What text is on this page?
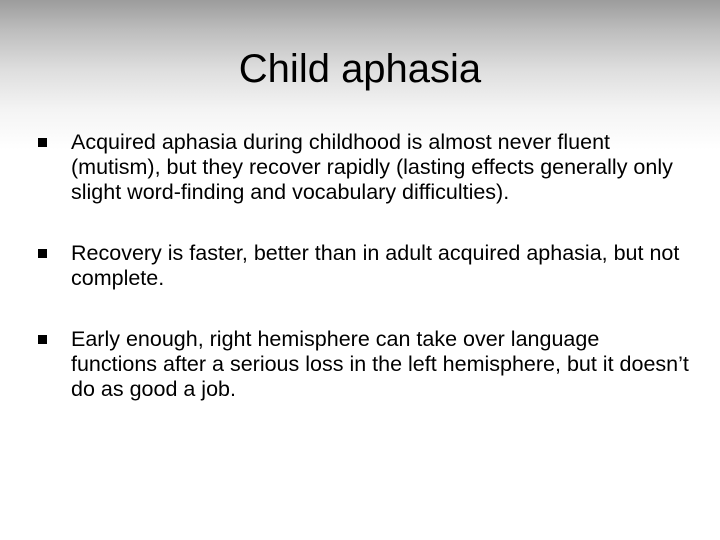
Child aphasia
Acquired aphasia during childhood is almost never fluent (mutism), but they recover rapidly (lasting effects generally only slight word-finding and vocabulary difficulties).
Recovery is faster, better than in adult acquired aphasia, but not complete.
Early enough, right hemisphere can take over language functions after a serious loss in the left hemisphere, but it doesn’t do as good a job.
